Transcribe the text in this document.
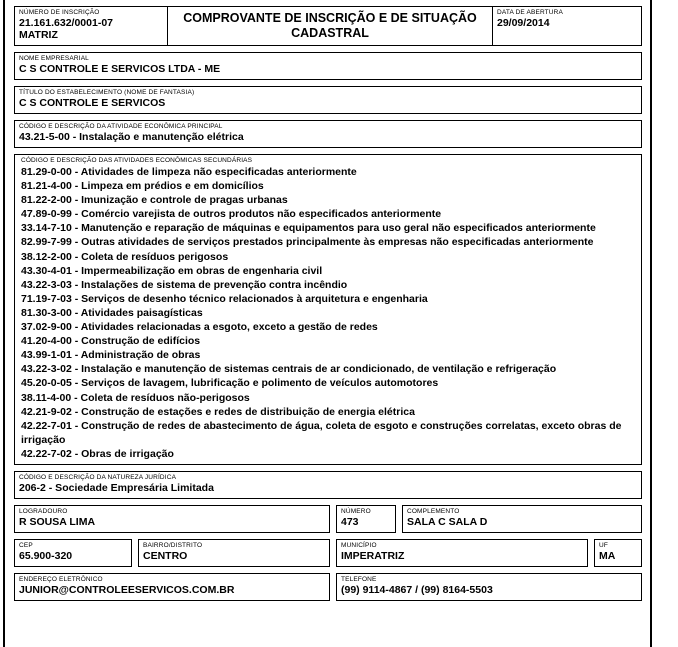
NÚMERO DE INSCRIÇÃO
21.161.632/0001-07
MATRIZ
COMPROVANTE DE INSCRIÇÃO E DE SITUAÇÃO CADASTRAL
DATA DE ABERTURA
29/09/2014
NOME EMPRESARIAL
C S CONTROLE E SERVICOS LTDA - ME
TÍTULO DO ESTABELECIMENTO (NOME DE FANTASIA)
C S CONTROLE E SERVICOS
CÓDIGO E DESCRIÇÃO DA ATIVIDADE ECONÔMICA PRINCIPAL
43.21-5-00 - Instalação e manutenção elétrica
CÓDIGO E DESCRIÇÃO DAS ATIVIDADES ECONÔMICAS SECUNDÁRIAS
81.29-0-00 - Atividades de limpeza não especificadas anteriormente
81.21-4-00 - Limpeza em prédios e em domicílios
81.22-2-00 - Imunização e controle de pragas urbanas
47.89-0-99 - Comércio varejista de outros produtos não especificados anteriormente
33.14-7-10 - Manutenção e reparação de máquinas e equipamentos para uso geral não especificados anteriormente
82.99-7-99 - Outras atividades de serviços prestados principalmente às empresas não especificadas anteriormente
38.12-2-00 - Coleta de resíduos perigosos
43.30-4-01 - Impermeabilização em obras de engenharia civil
43.22-3-03 - Instalações de sistema de prevenção contra incêndio
71.19-7-03 - Serviços de desenho técnico relacionados à arquitetura e engenharia
81.30-3-00 - Atividades paisagísticas
37.02-9-00 - Atividades relacionadas a esgoto, exceto a gestão de redes
41.20-4-00 - Construção de edifícios
43.99-1-01 - Administração de obras
43.22-3-02 - Instalação e manutenção de sistemas centrais de ar condicionado, de ventilação e refrigeração
45.20-0-05 - Serviços de lavagem, lubrificação e polimento de veículos automotores
38.11-4-00 - Coleta de resíduos não-perigosos
42.21-9-02 - Construção de estações e redes de distribuição de energia elétrica
42.22-7-01 - Construção de redes de abastecimento de água, coleta de esgoto e construções correlatas, exceto obras de irrigação
42.22-7-02 - Obras de irrigação
CÓDIGO E DESCRIÇÃO DA NATUREZA JURÍDICA
206-2 - Sociedade Empresária Limitada
LOGRADOURO
R SOUSA LIMA
NÚMERO
473
COMPLEMENTO
SALA C SALA D
CEP
65.900-320
BAIRRO/DISTRITO
CENTRO
MUNICÍPIO
IMPERATRIZ
UF
MA
ENDEREÇO ELETRÔNICO
JUNIOR@CONTROLEESERVICOS.COM.BR
TELEFONE
(99) 9114-4867 / (99) 8164-5503
